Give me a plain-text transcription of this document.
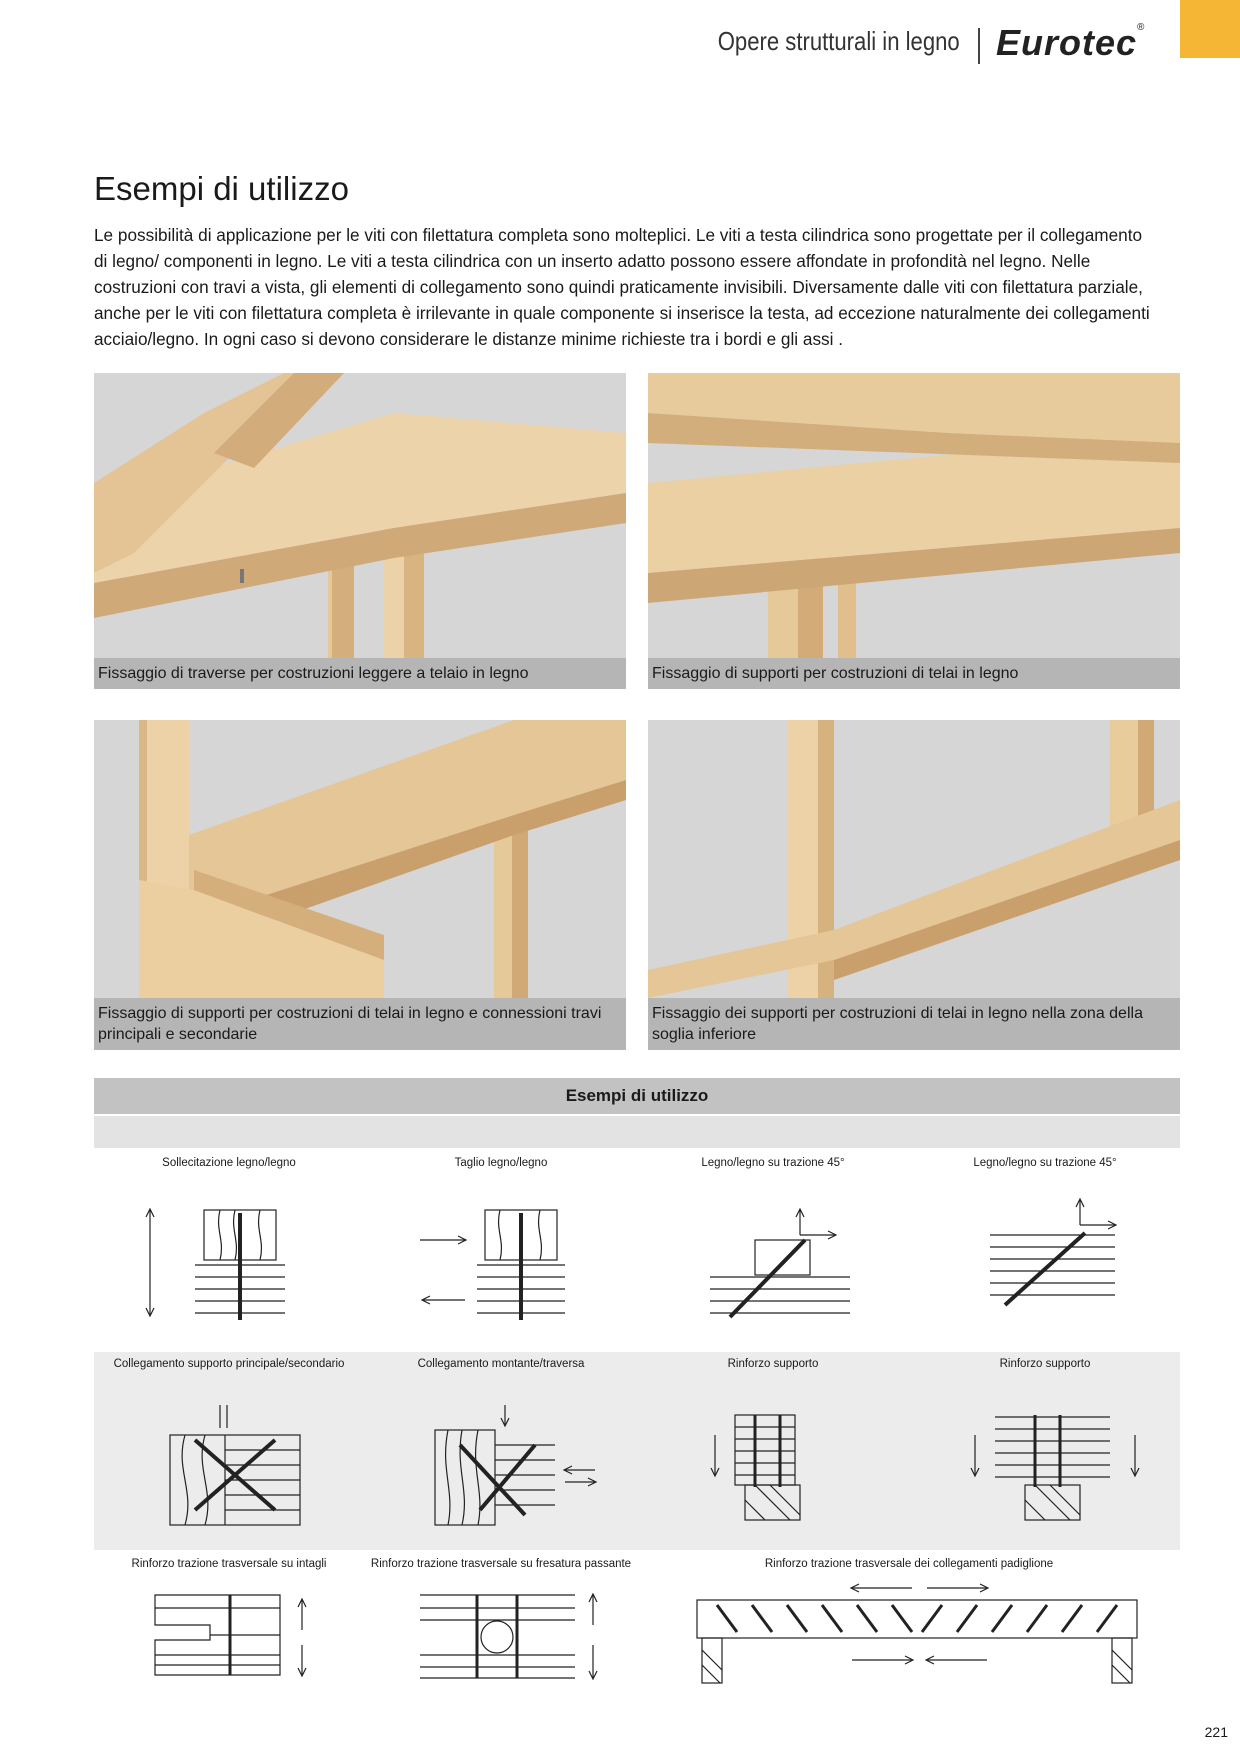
Opere strutturali in legno Eurotec®
Esempi di utilizzo

Le possibilità di applicazione per le viti con filettatura completa sono molteplici. Le viti a testa cilindrica sono progettate per il collegamento di legno/ componenti in legno. Le viti a testa cilindrica con un inserto adatto possono essere affondate in profondità nel legno. Nelle costruzioni con travi a vista, gli elementi di collegamento sono quindi praticamente invisibili. Diversamente dalle viti con filettatura parziale, anche per le viti con filettatura completa è irrilevante in quale componente si inserisce la testa, ad eccezione naturalmente dei collegamenti acciaio/legno. In ogni caso si devono considerare le distanze minime richieste tra i bordi e gli assi .

Fissaggio di traverse per costruzioni leggere a telaio in legno	Fissaggio di supporti per costruzioni di telai in legno
Fissaggio di supporti per costruzioni di telai in legno e connessioni travi principali e secondarie
Fissaggio dei supporti per costruzioni di telai in legno nella zona della soglia inferiore
Esempi di utilizzo
Sollecitazione legno/legno	Taglio legno/legno	Legno/legno su trazione 45°	Legno/legno su trazione 45°
Collegamento supporto principale/secondario	Collegamento montante/traversa	Rinforzo supporto	Rinforzo supporto
Rinforzo trazione trasversale su intagli	Rinforzo trazione trasversale su fresatura passante	Rinforzo trazione trasversale dei collegamenti padiglione
221
